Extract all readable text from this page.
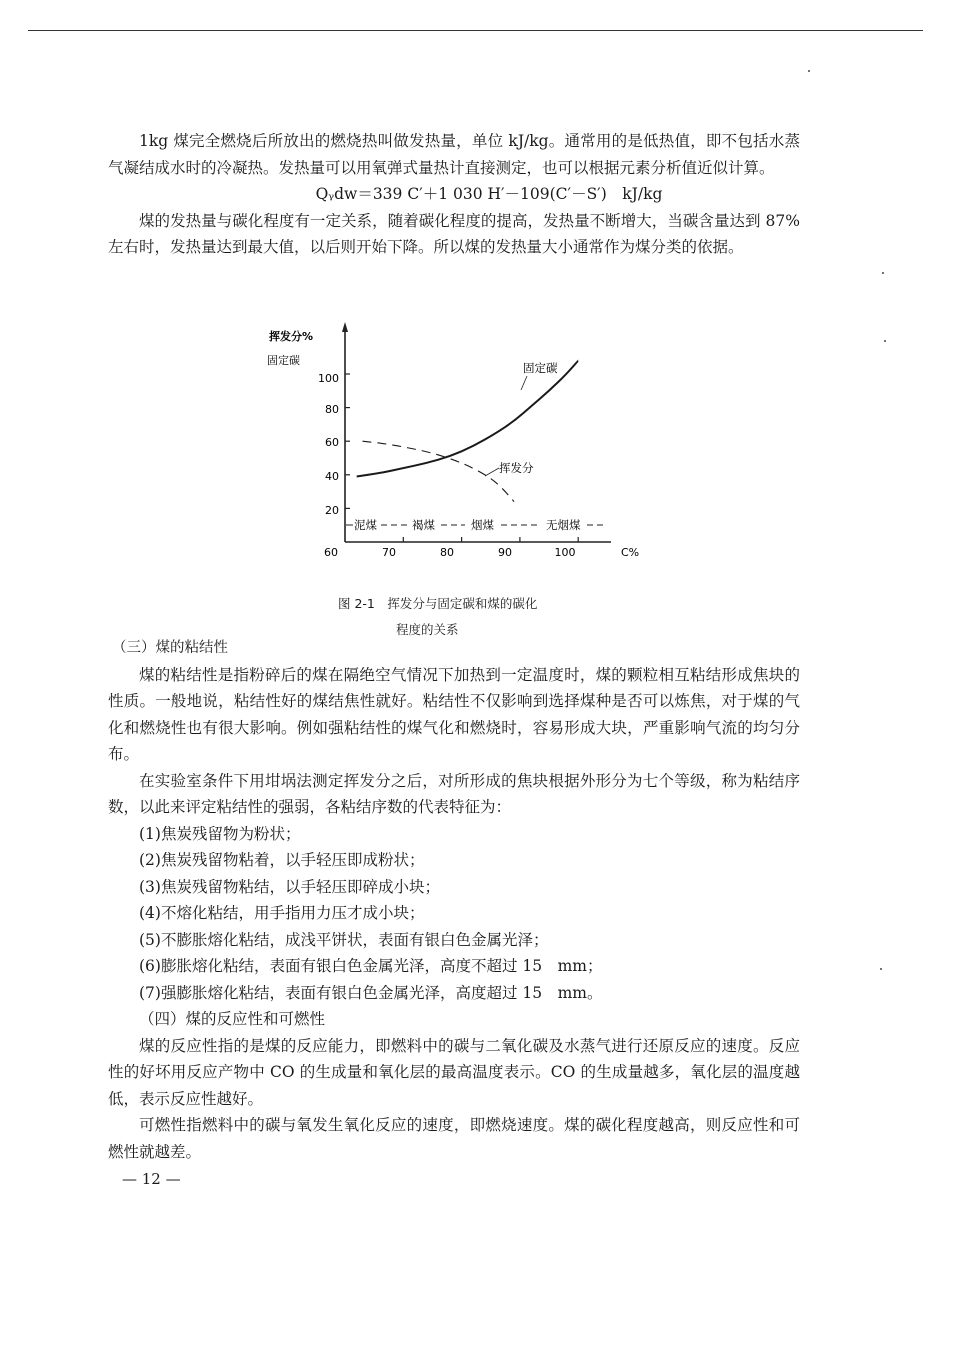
1kg 煤完全燃烧后所放出的燃烧热叫做发热量，单位 kJ/kg。通常用的是低热值，即不包括水蒸气凝结成水时的冷凝热。发热量可以用氧弹式量热计直接测定，也可以根据元素分析值近似计算。

Qᵧdw＝339 C′＋1 030 H′－109(C′－S′)　kJ/kg

煤的发热量与碳化程度有一定关系，随着碳化程度的提高，发热量不断增大，当碳含量达到 87%左右时，发热量达到最大值，以后则开始下降。所以煤的发热量大小通常作为煤分类的依据。

挥发分%
固定碳
C%
20
40
60
80
100
60	70	80	90	100
固定碳
挥发分
泥煤	褐煤	烟煤	无烟煤
图 2-1　挥发分与固定碳和煤的碳化
程度的关系

（三）煤的粘结性

煤的粘结性是指粉碎后的煤在隔绝空气情况下加热到一定温度时，煤的颗粒相互粘结形成焦块的性质。一般地说，粘结性好的煤结焦性就好。粘结性不仅影响到选择煤种是否可以炼焦，对于煤的气化和燃烧性也有很大影响。例如强粘结性的煤气化和燃烧时，容易形成大块，严重影响气流的均匀分布。

在实验室条件下用坩埚法测定挥发分之后，对所形成的焦块根据外形分为七个等级，称为粘结序数，以此来评定粘结性的强弱，各粘结序数的代表特征为：

(1)焦炭残留物为粉状；

(2)焦炭残留物粘着，以手轻压即成粉状；

(3)焦炭残留物粘结，以手轻压即碎成小块；

(4)不熔化粘结，用手指用力压才成小块；

(5)不膨胀熔化粘结，成浅平饼状，表面有银白色金属光泽；

(6)膨胀熔化粘结，表面有银白色金属光泽，高度不超过 15　mm；

(7)强膨胀熔化粘结，表面有银白色金属光泽，高度超过 15　mm。

（四）煤的反应性和可燃性

煤的反应性指的是煤的反应能力，即燃料中的碳与二氧化碳及水蒸气进行还原反应的速度。反应性的好坏用反应产物中 CO 的生成量和氧化层的最高温度表示。CO 的生成量越多，氧化层的温度越低，表示反应性越好。

可燃性指燃料中的碳与氧发生氧化反应的速度，即燃烧速度。煤的碳化程度越高，则反应性和可燃性就越差。

— 12 —
